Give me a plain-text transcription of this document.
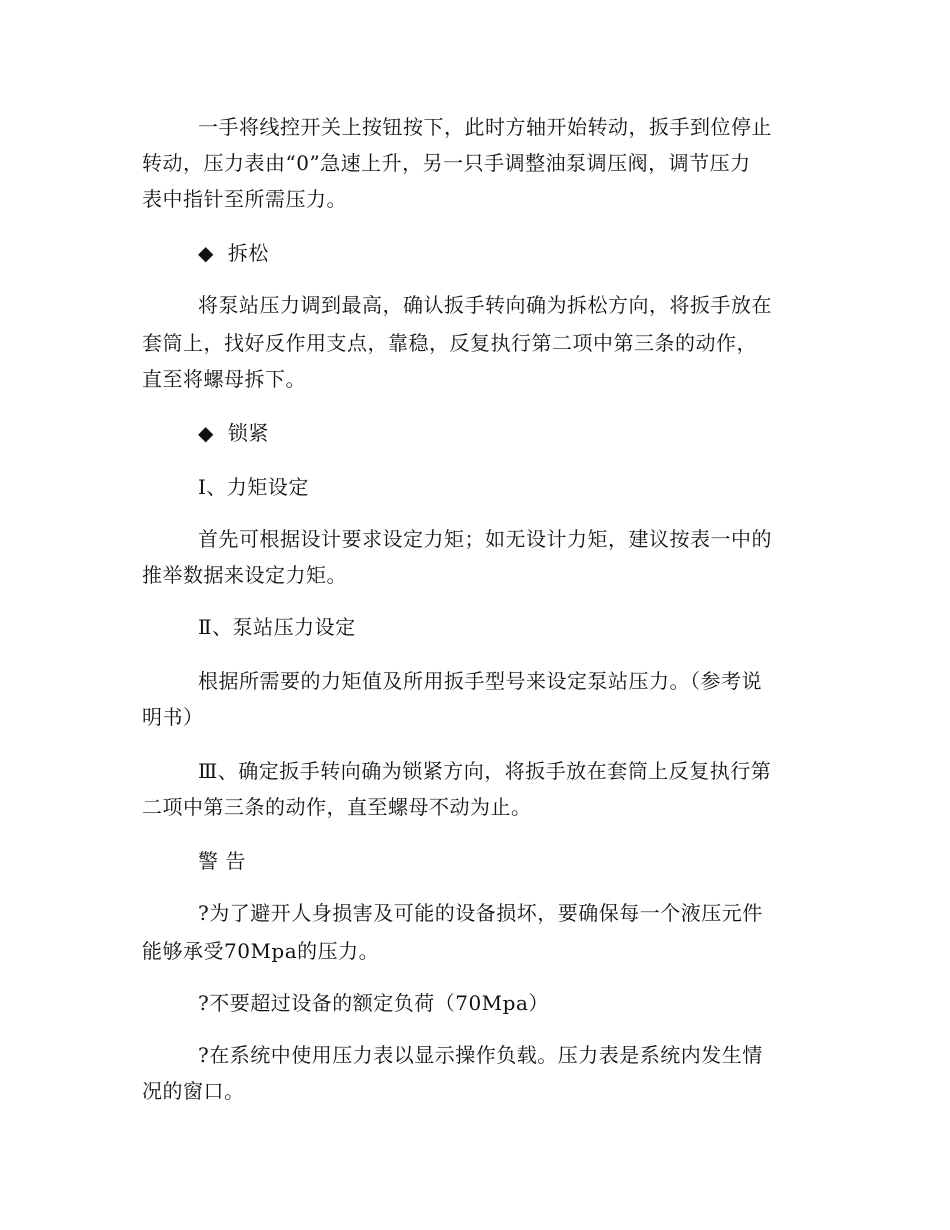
一手将线控开关上按钮按下，此时方轴开始转动，扳手到位停止

转动，压力表由“0”急速上升，另一只手调整油泵调压阀，调节压力

表中指针至所需压力。

◆ 拆松

将泵站压力调到最高，确认扳手转向确为拆松方向，将扳手放在

套筒上，找好反作用支点，靠稳，反复执行第二项中第三条的动作，

直至将螺母拆下。

◆ 锁紧

Ⅰ、力矩设定

首先可根据设计要求设定力矩；如无设计力矩，建议按表一中的

推举数据来设定力矩。

Ⅱ、泵站压力设定

根据所需要的力矩值及所用扳手型号来设定泵站压力。（参考说

明书）

Ⅲ、确定扳手转向确为锁紧方向，将扳手放在套筒上反复执行第

二项中第三条的动作，直至螺母不动为止。

警 告

?为了避开人身损害及可能的设备损坏，要确保每一个液压元件

能够承受70Mpa的压力。

?不要超过设备的额定负荷（70Mpa）

?在系统中使用压力表以显示操作负载。压力表是系统内发生情

况的窗口。
